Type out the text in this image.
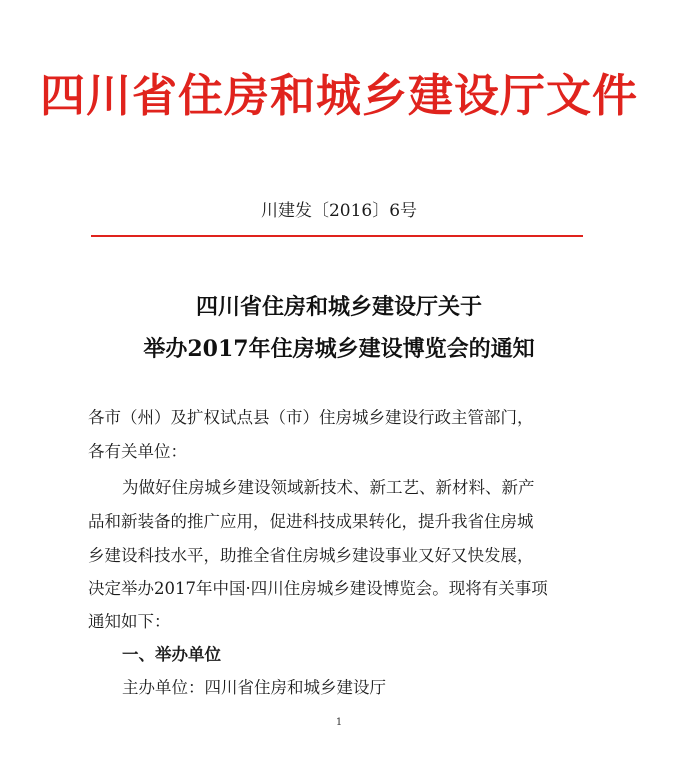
四川省住房和城乡建设厅文件
川建发〔2016〕6号
四川省住房和城乡建设厅关于
举办2017年住房城乡建设博览会的通知
各市（州）及扩权试点县（市）住房城乡建设行政主管部门，
各有关单位：
为做好住房城乡建设领域新技术、新工艺、新材料、新产
品和新装备的推广应用，促进科技成果转化，提升我省住房城
乡建设科技水平，助推全省住房城乡建设事业又好又快发展，
决定举办2017年中国·四川住房城乡建设博览会。现将有关事项
通知如下：
一、举办单位
主办单位：四川省住房和城乡建设厅
1
